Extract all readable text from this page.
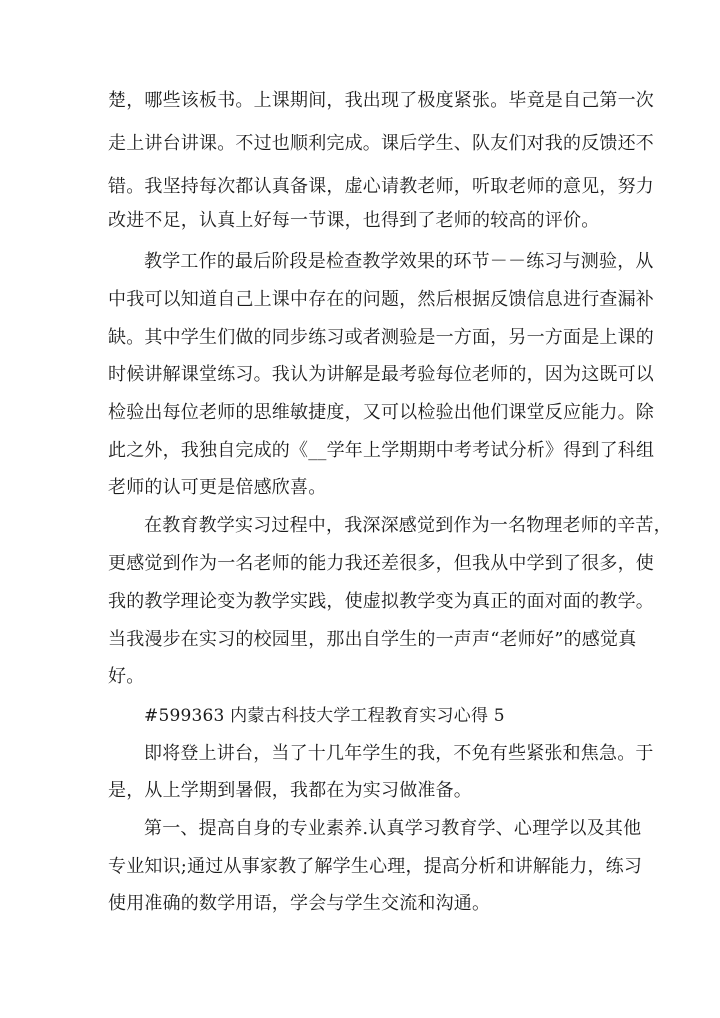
楚，哪些该板书。上课期间，我出现了极度紧张。毕竟是自己第一次

走上讲台讲课。不过也顺利完成。课后学生、队友们对我的反馈还不

错。我坚持每次都认真备课，虚心请教老师，听取老师的意见，努力

改进不足，认真上好每一节课，也得到了老师的较高的评价。

教学工作的最后阶段是检查教学效果的环节－－练习与测验，从

中我可以知道自己上课中存在的问题，然后根据反馈信息进行查漏补

缺。其中学生们做的同步练习或者测验是一方面，另一方面是上课的

时候讲解课堂练习。我认为讲解是最考验每位老师的，因为这既可以

检验出每位老师的思维敏捷度，又可以检验出他们课堂反应能力。除

此之外，我独自完成的《__学年上学期期中考考试分析》得到了科组

老师的认可更是倍感欣喜。

在教育教学实习过程中，我深深感觉到作为一名物理老师的辛苦，

更感觉到作为一名老师的能力我还差很多，但我从中学到了很多，使

我的教学理论变为教学实践，使虚拟教学变为真正的面对面的教学。

当我漫步在实习的校园里，那出自学生的一声声“老师好”的感觉真

好。

#599363 内蒙古科技大学工程教育实习心得 5

即将登上讲台，当了十几年学生的我，不免有些紧张和焦急。于

是，从上学期到暑假，我都在为实习做准备。

第一、提高自身的专业素养.认真学习教育学、心理学以及其他

专业知识;通过从事家教了解学生心理，提高分析和讲解能力，练习

使用准确的数学用语，学会与学生交流和沟通。
